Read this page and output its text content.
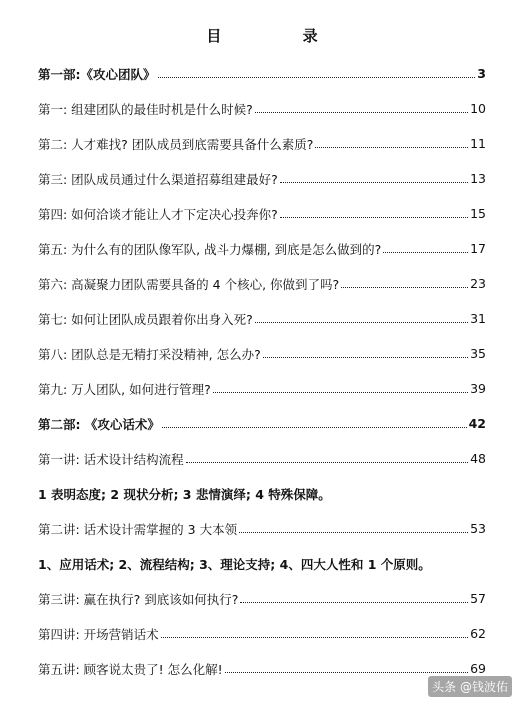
目 录
第一部:《攻心团队》	3
第一: 组建团队的最佳时机是什么时候?	10
第二: 人才难找? 团队成员到底需要具备什么素质?	11
第三: 团队成员通过什么渠道招募组建最好?	13
第四: 如何洽谈才能让人才下定决心投奔你?	15
第五: 为什么有的团队像军队, 战斗力爆棚, 到底是怎么做到的?	17
第六: 高凝聚力团队需要具备的 4 个核心, 你做到了吗?	23
第七: 如何让团队成员跟着你出身入死?	31
第八: 团队总是无精打采没精神, 怎么办?	35
第九: 万人团队, 如何进行管理?	39
第二部: 《攻心话术》	42
第一讲: 话术设计结构流程	48
1 表明态度; 2 现状分析; 3 悲情演绎; 4 特殊保障。
第二讲: 话术设计需掌握的 3 大本领	53
1、应用话术; 2、流程结构; 3、理论支持; 4、四大人性和 1 个原则。
第三讲: 赢在执行? 到底该如何执行?	57
第四讲: 开场营销话术	62
第五讲: 顾客说太贵了! 怎么化解!	69
头条 @钱波佑
